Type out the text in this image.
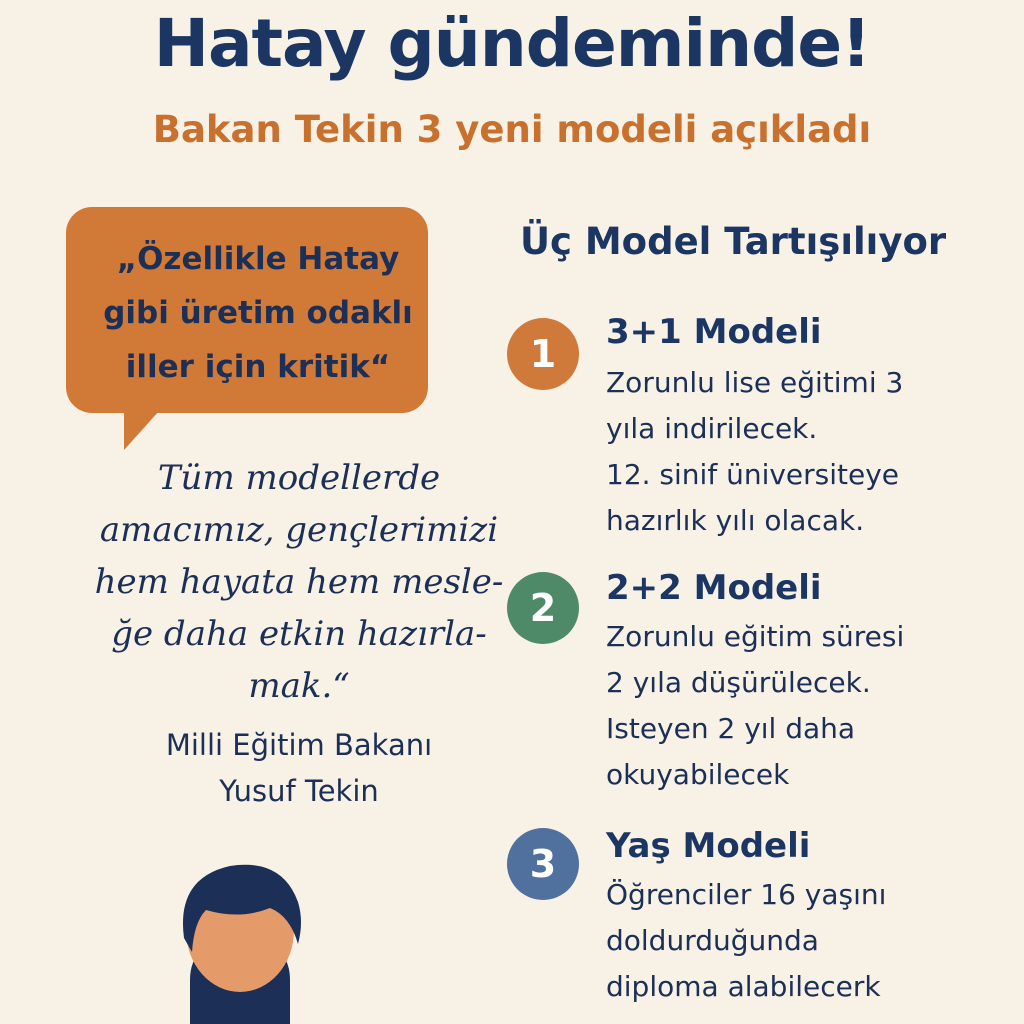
Hatay gündeminde!
Bakan Tekin 3 yeni modeli açıkladı
„Özellikle Hatay gibi üretim odaklı iller için kritik“
Tüm modellerde
amacımız, gençlerimizi
hem hayata hem mesle-
ğe daha etkin hazırla-
mak.“
Milli Eğitim Bakanı
Yusuf Tekin
Üç Model Tartışılıyor
1	3+1 Modeli
Zorunlu lise eğitimi 3
yıla indirilecek.
12. sinif üniversiteye
hazırlık yılı olacak.
2	2+2 Modeli
Zorunlu eğitim süresi
2 yıla düşürülecek.
Isteyen 2 yıl daha
okuyabilecek
3	Yaş Modeli
Öğrenciler 16 yaşını
doldurduğunda
diploma alabilecerk
